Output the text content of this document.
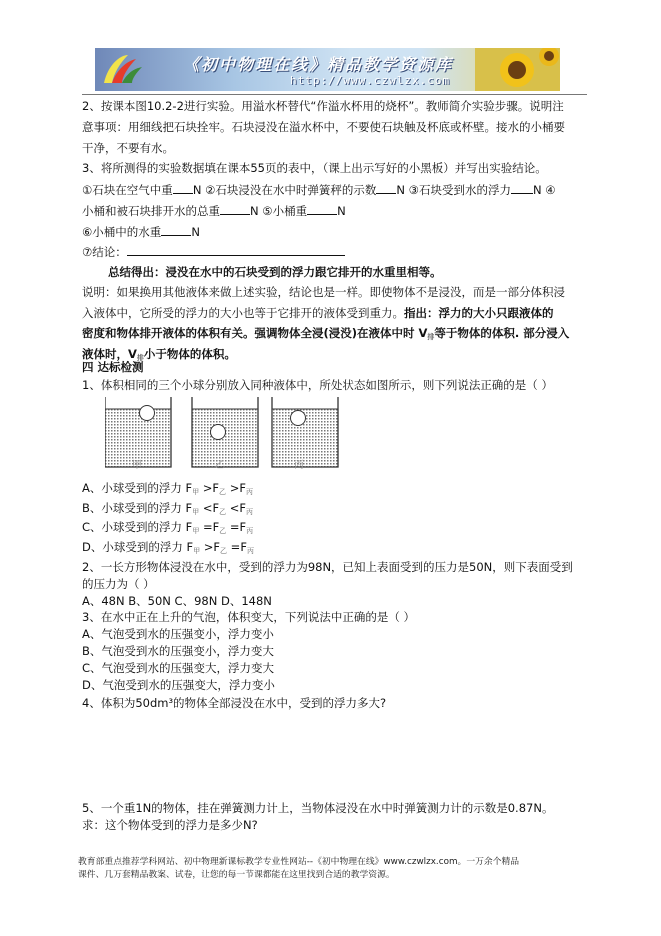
《初中物理在线》精品教学资源库
http://www.czwlzx.com
2、按课本图10.2-2进行实验。用溢水杯替代“作溢水杯用的烧杯”。教师简介实验步骤。说明注
意事项：用细线把石块拴牢。石块浸没在溢水杯中，不要使石块触及杯底或杯壁。接水的小桶要
干净，不要有水。
3、将所测得的实验数据填在课本55页的表中，（课上出示写好的小黑板）并写出实验结论。
①石块在空气中重 N ②石块浸没在水中时弹簧秤的示数 N ③石块受到水的浮力 N ④
小桶和被石块排开水的总重	N ⑤小桶重	N
⑥小桶中的水重	N
⑦结论：
总结得出：浸没在水中的石块受到的浮力跟它排开的水重里相等。
说明：如果换用其他液体来做上述实验，结论也是一样。即使物体不是浸没，而是一部分体积浸
入液体中，它所受的浮力的大小也等于它排开的液体受到重力。指出：浮力的大小只跟液体的
密度和物体排开液体的体积有关。强调物体全浸(浸没)在液体中时 $V_排$等于物体的体积. 部分浸入
液体时，$V_排$小于物体的体积。
四 达标检测
1、体积相同的三个小球分别放入同种液体中，所处状态如图所示，则下列说法正确的是（ ）
甲	乙	丙
A、小球受到的浮力 $F_甲 >F_乙 >F_丙$
B、小球受到的浮力 $F_甲 <F_乙 <F_丙$
C、小球受到的浮力 $F_甲 =F_乙 =F_丙$
D、小球受到的浮力 $F_甲 >F_乙 =F_丙$
2、一长方形物体浸没在水中，受到的浮力为98N，已知上表面受到的压力是50N，则下表面受到
的压力为（ ）
A、48N B、50N C、98N D、148N
3、在水中正在上升的气泡，体积变大，下列说法中正确的是（ ）
A、气泡受到水的压强变小，浮力变小
B、气泡受到水的压强变小，浮力变大
C、气泡受到水的压强变大，浮力变大
D、气泡受到水的压强变大，浮力变小
4、体积为50dm³的物体全部浸没在水中，受到的浮力多大?
5、一个重1N的物体，挂在弹簧测力计上，当物体浸没在水中时弹簧测力计的示数是0.87N。
求：这个物体受到的浮力是多少N?
教育部重点推荐学科网站、初中物理新课标教学专业性网站--《初中物理在线》www.czwlzx.com。一万余个精品
课件、几万套精品教案、试卷，让您的每一节课都能在这里找到合适的教学资源。
